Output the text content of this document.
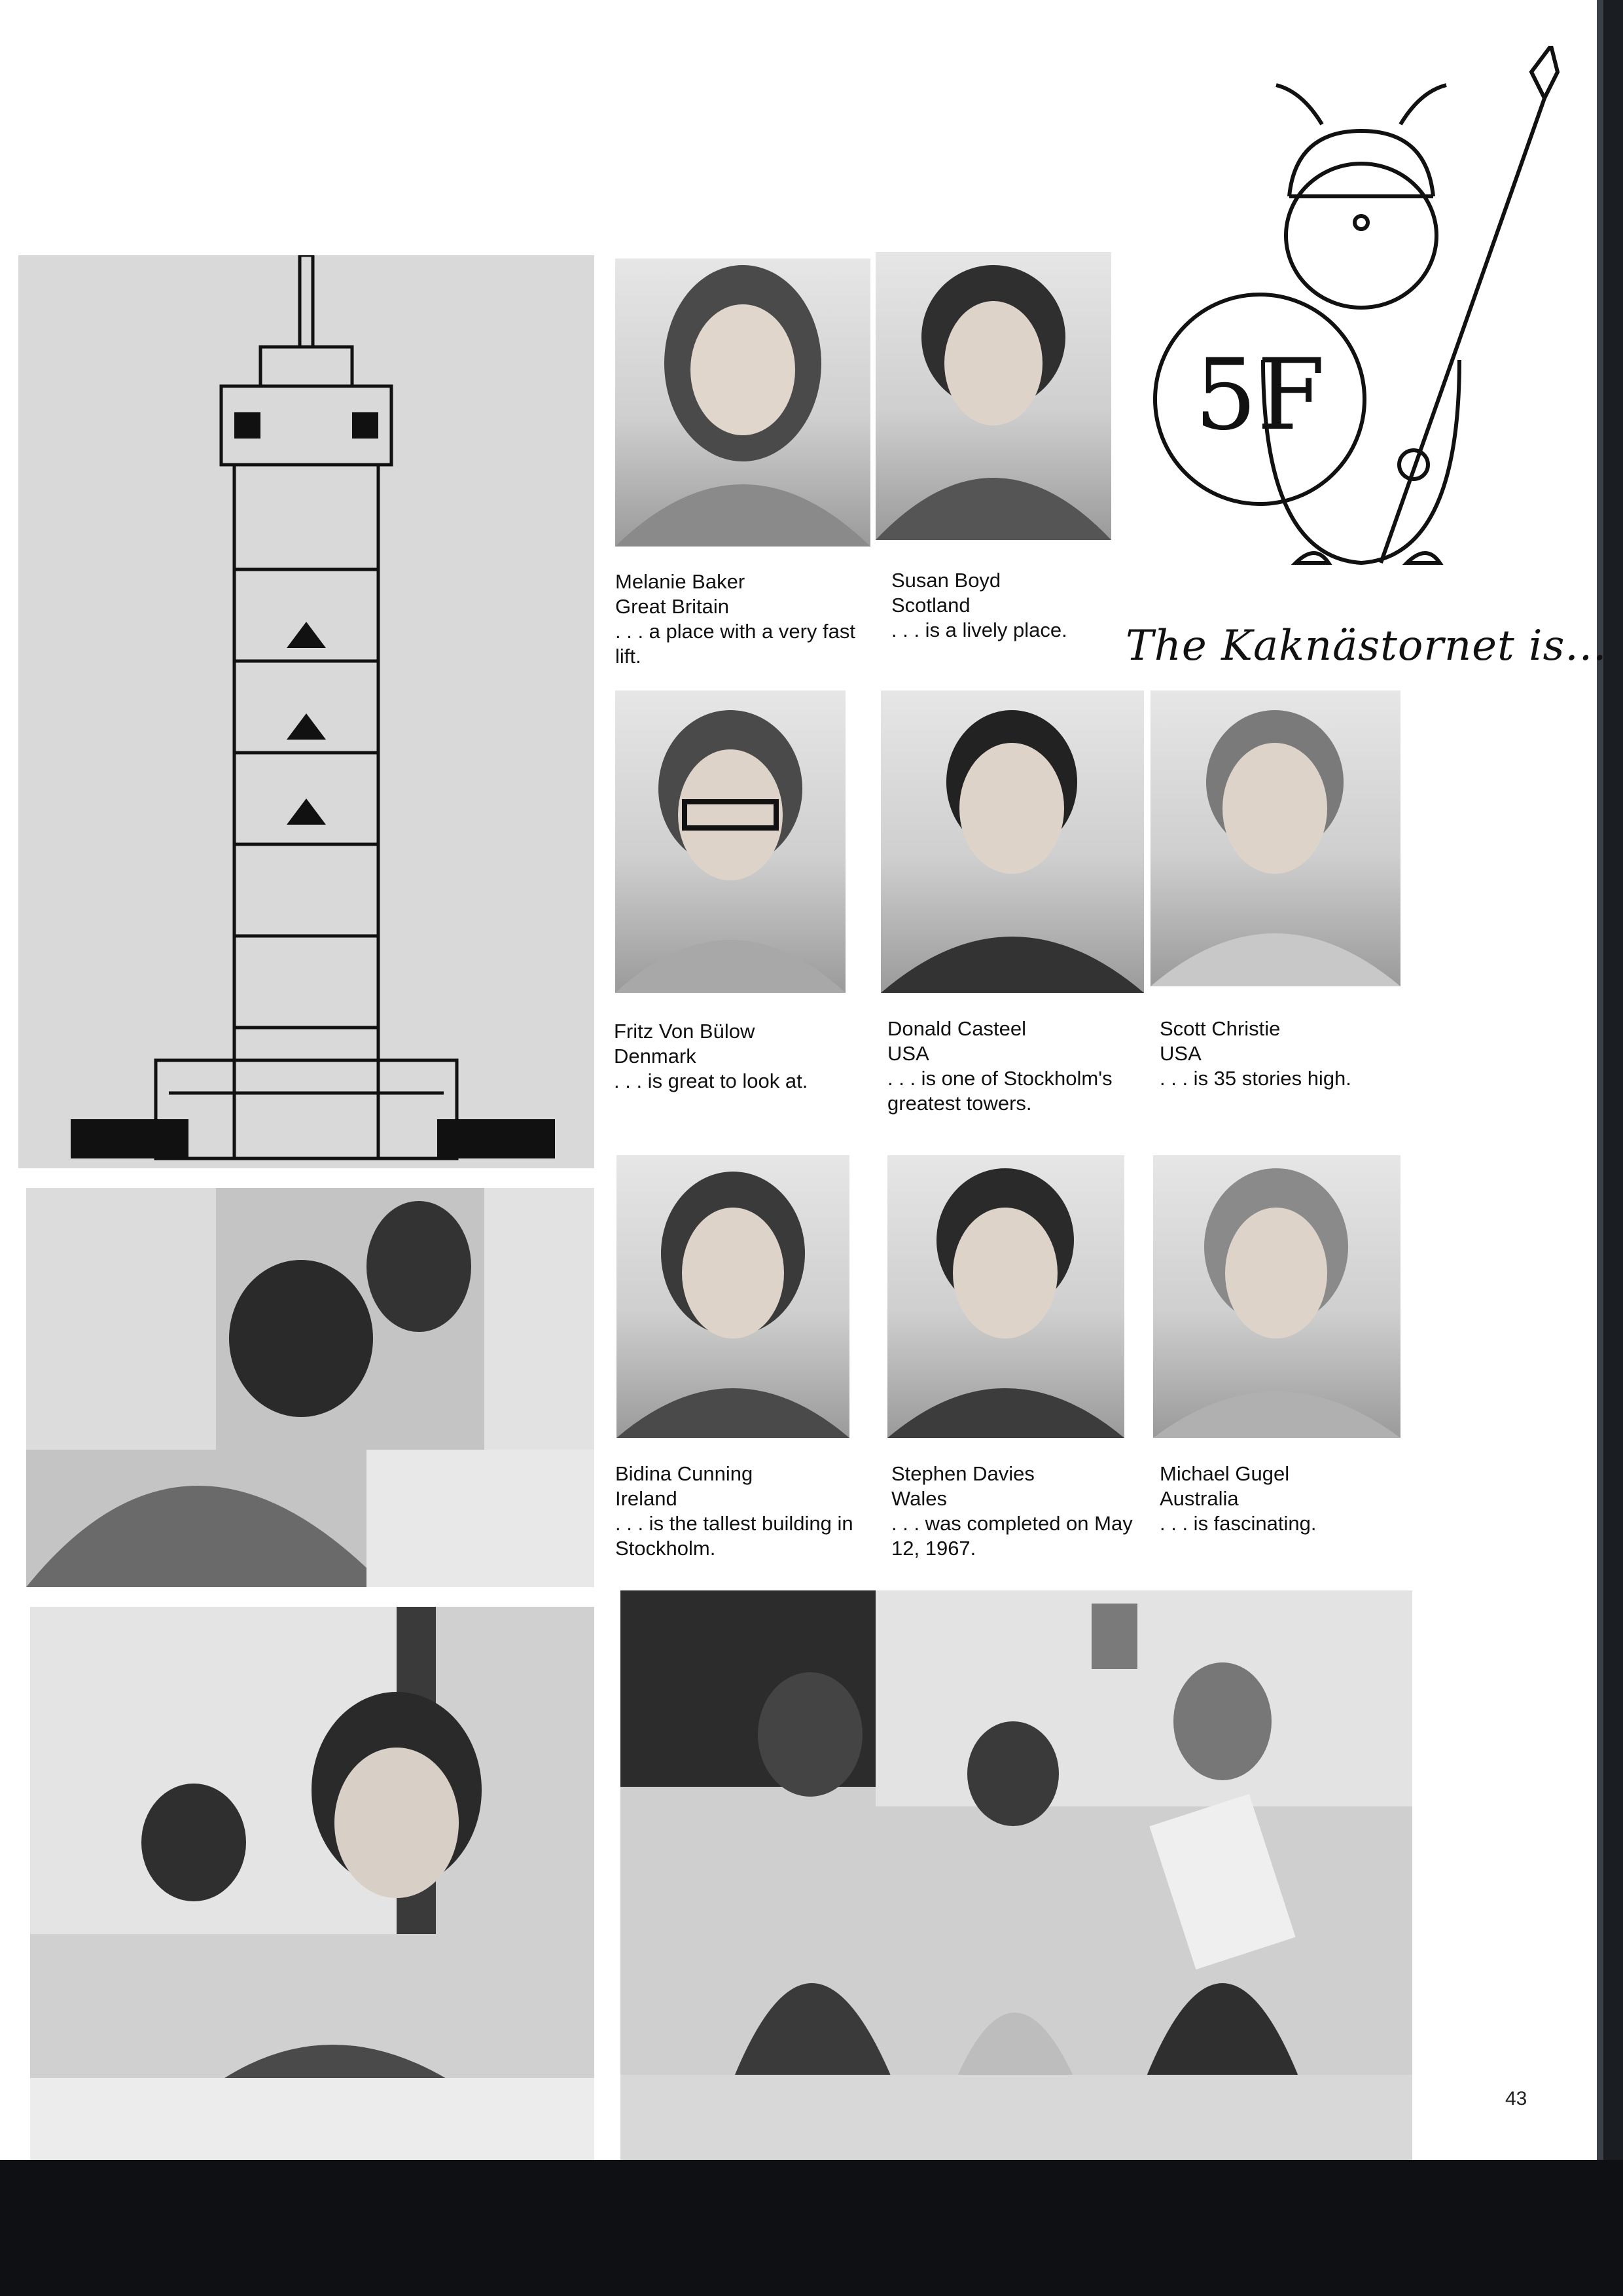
5F
Melanie Baker
Great Britain
. . . a place with a very fast lift.
Susan Boyd
Scotland
. . . is a lively place.	The Kaknästornet is...
Fritz Von Bülow
Denmark
. . . is great to look at.
Donald Casteel
USA
. . . is one of Stockholm's greatest towers.
Scott Christie
USA
. . . is 35 stories high.
Bidina Cunning
Ireland
. . . is the tallest building in Stockholm.
Stephen Davies
Wales
. . . was completed on May 12, 1967.
Michael Gugel
Australia
. . . is fascinating.
43
